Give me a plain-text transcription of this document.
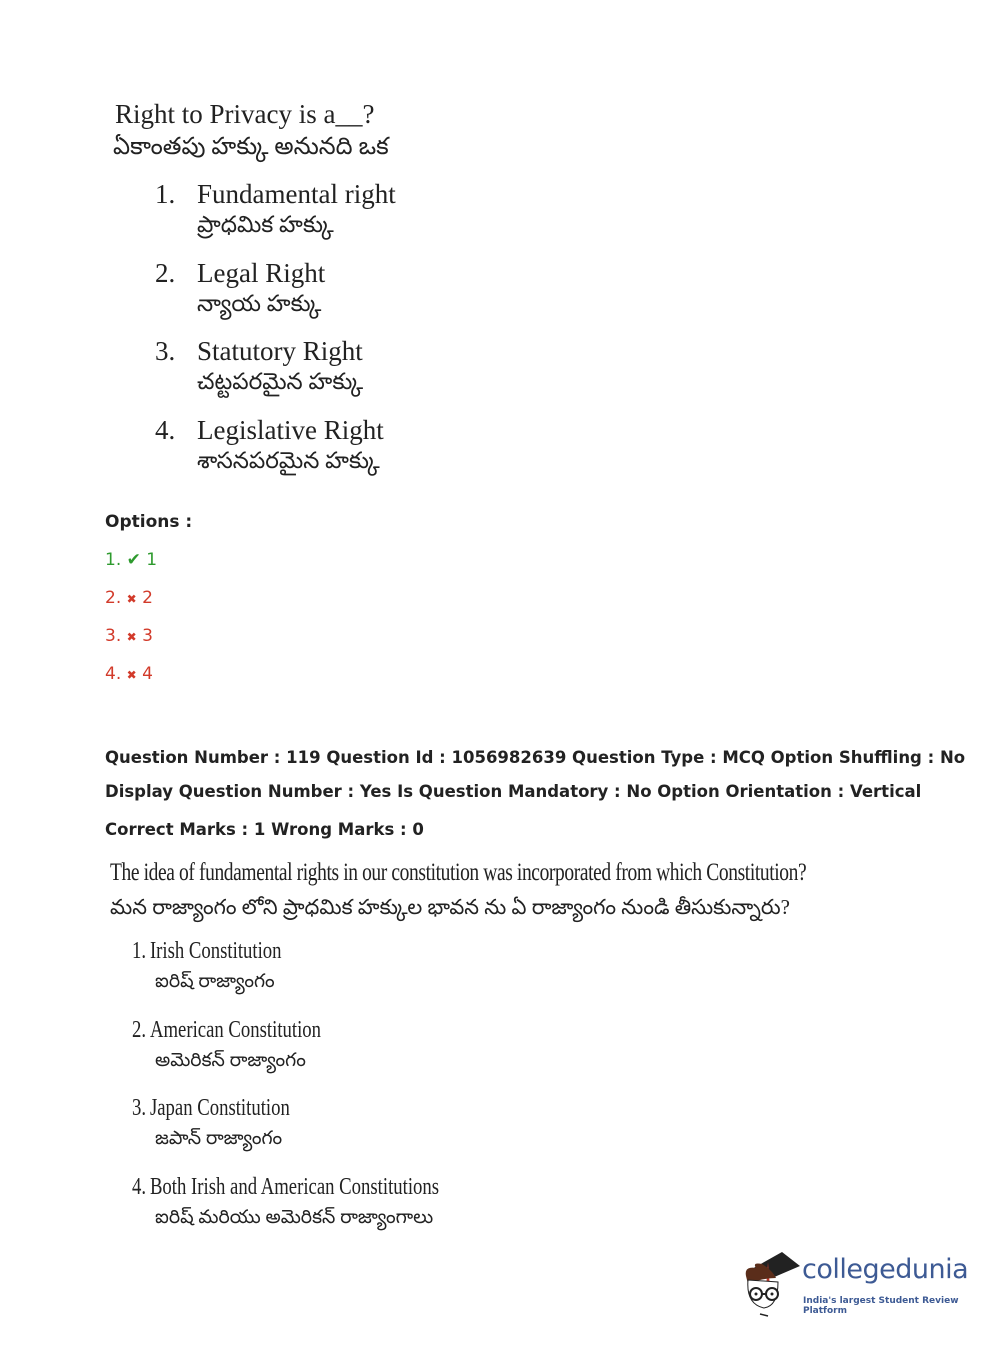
Right to Privacy is a__?
ఏకాంతపు హక్కు అనునది ఒక
1. Fundamental right
ప్రాధమిక హక్కు
2. Legal Right
న్యాయ హక్కు
3. Statutory Right
చట్టపరమైన హక్కు
4. Legislative Right
శాసనపరమైన హక్కు
Options :
1. ✔ 1
2. ✖ 2
3. ✖ 3
4. ✖ 4
Question Number : 119 Question Id : 1056982639 Question Type : MCQ Option Shuffling : No
Display Question Number : Yes Is Question Mandatory : No Option Orientation : Vertical
Correct Marks : 1 Wrong Marks : 0
The idea of fundamental rights in our constitution was incorporated from which Constitution?
మన రాజ్యాంగం లోని ప్రాధమిక హక్కుల భావన ను ఏ రాజ్యాంగం నుండి తీసుకున్నారు?
1. Irish Constitution
ఐరిష్ రాజ్యాంగం
2. American Constitution
అమెరికన్ రాజ్యాంగం
3. Japan Constitution
జపాన్ రాజ్యాంగం
4. Both Irish and American Constitutions
ఐరిష్ మరియు అమెరికన్ రాజ్యాంగాలు
collegedunia
India's largest Student Review Platform
